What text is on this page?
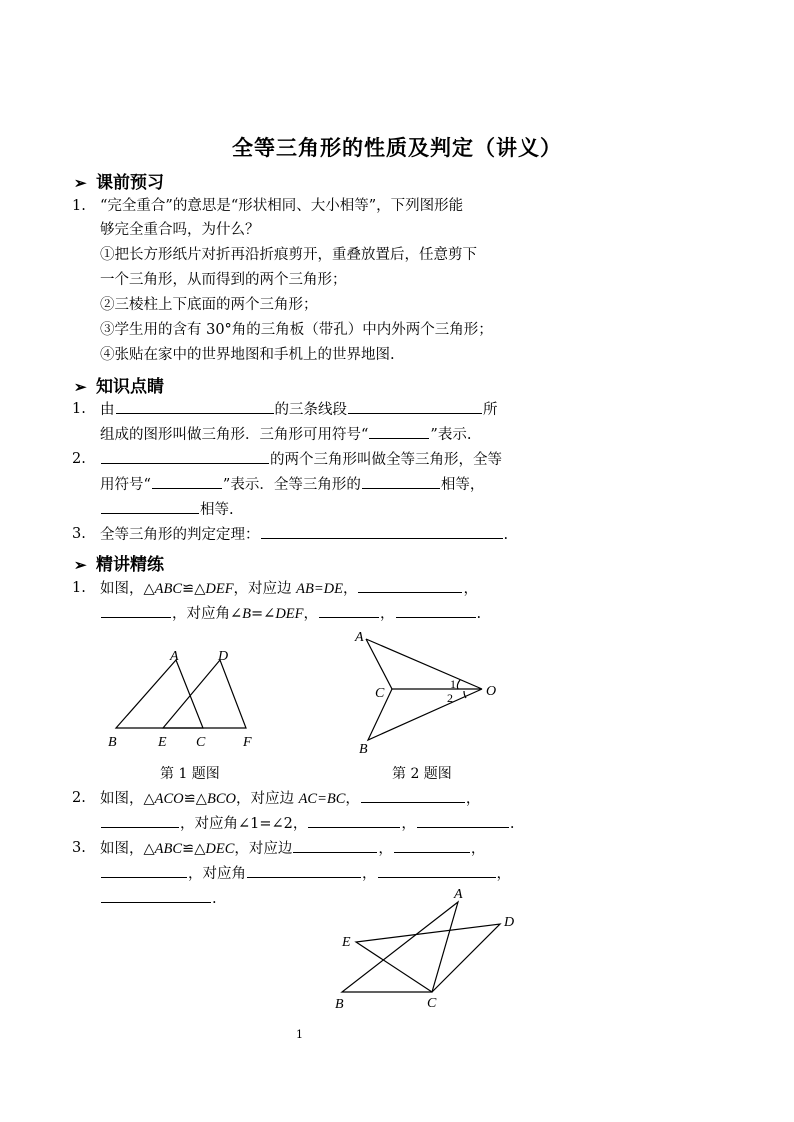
全等三角形的性质及判定（讲义）
➢ 课前预习
1. “完全重合”的意思是“形状相同、大小相等”，下列图形能
够完全重合吗，为什么？
①把长方形纸片对折再沿折痕剪开，重叠放置后，任意剪下
一个三角形，从而得到的两个三角形；
②三棱柱上下底面的两个三角形；
③学生用的含有 30°角的三角板（带孔）中内外两个三角形；
④张贴在家中的世界地图和手机上的世界地图.
➢ 知识点睛
1. 由	的三条线段	所
组成的图形叫做三角形．三角形可用符号“	”表示.
2.	的两个三角形叫做全等三角形，全等
用符号“	”表示．全等三角形的	相等，
相等.
3. 全等三角形的判定定理：	.
➢ 精讲精练
1. 如图，△ABC≌△DEF，对应边 AB=DE，	，
，对应角∠B=∠DEF，	，	.
A	D
B	E C	F
A
C	O
B
1
2
第 1 题图	第 2 题图
2. 如图，△ACO≌△BCO，对应边 AC=BC，	，
，对应角∠1=∠2，	，	.
3. 如图，△ABC≌△DEC，对应边	，	，
，对应角	，	，
.	A
D
E
B	C
1
